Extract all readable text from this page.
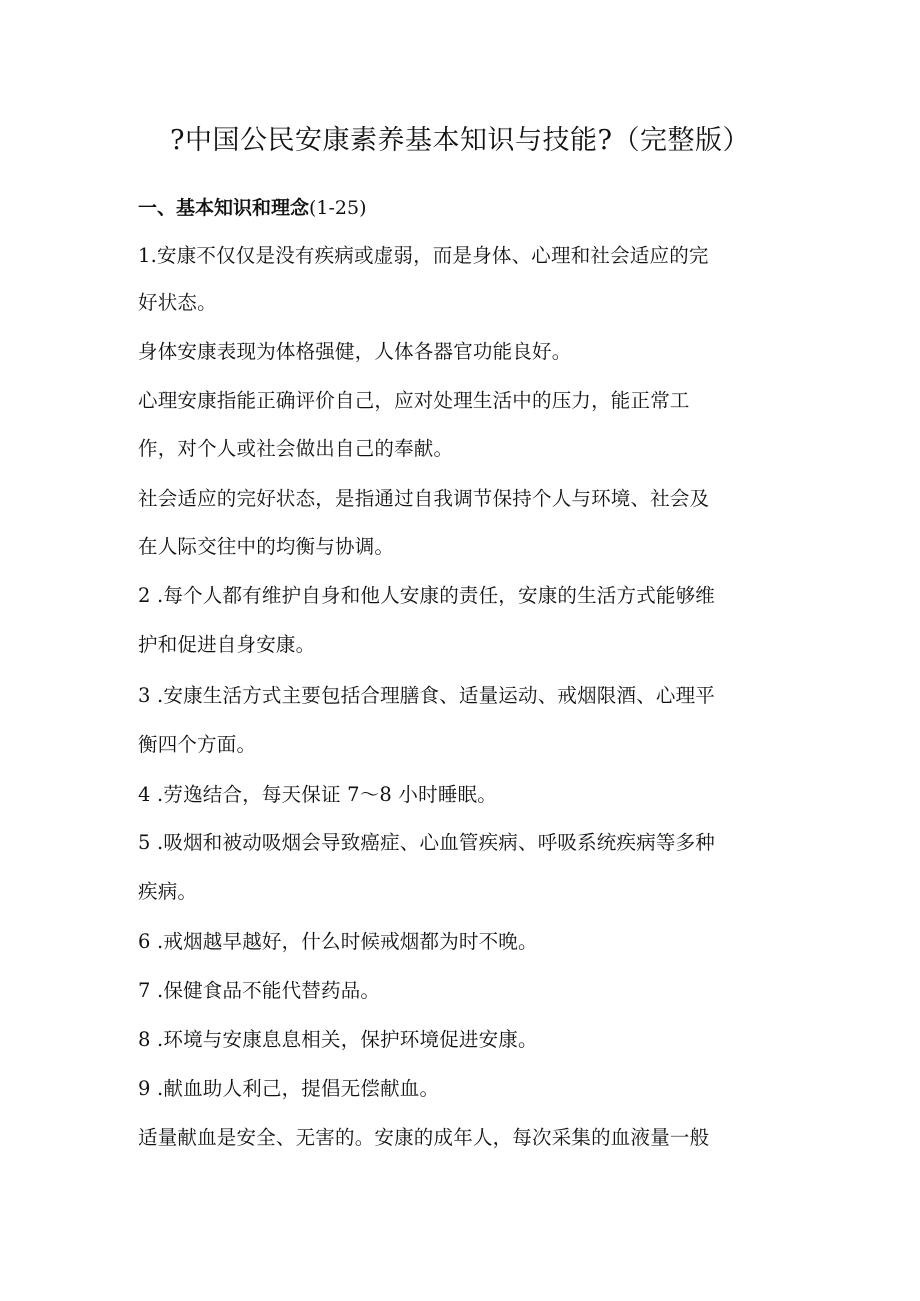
?中国公民安康素养基本知识与技能?（完整版）

一、基本知识和理念(1-25)

1.安康不仅仅是没有疾病或虚弱，而是身体、心理和社会适应的完

好状态。

身体安康表现为体格强健，人体各器官功能良好。

心理安康指能正确评价自己，应对处理生活中的压力，能正常工

作，对个人或社会做出自己的奉献。

社会适应的完好状态，是指通过自我调节保持个人与环境、社会及

在人际交往中的均衡与协调。

2 .每个人都有维护自身和他人安康的责任，安康的生活方式能够维

护和促进自身安康。

3 .安康生活方式主要包括合理膳食、适量运动、戒烟限酒、心理平

衡四个方面。

4 .劳逸结合，每天保证 7～8 小时睡眠。

5 .吸烟和被动吸烟会导致癌症、心血管疾病、呼吸系统疾病等多种

疾病。

6 .戒烟越早越好，什么时候戒烟都为时不晚。

7 .保健食品不能代替药品。

8 .环境与安康息息相关，保护环境促进安康。

9 .献血助人利己，提倡无偿献血。

适量献血是安全、无害的。安康的成年人，每次采集的血液量一般
